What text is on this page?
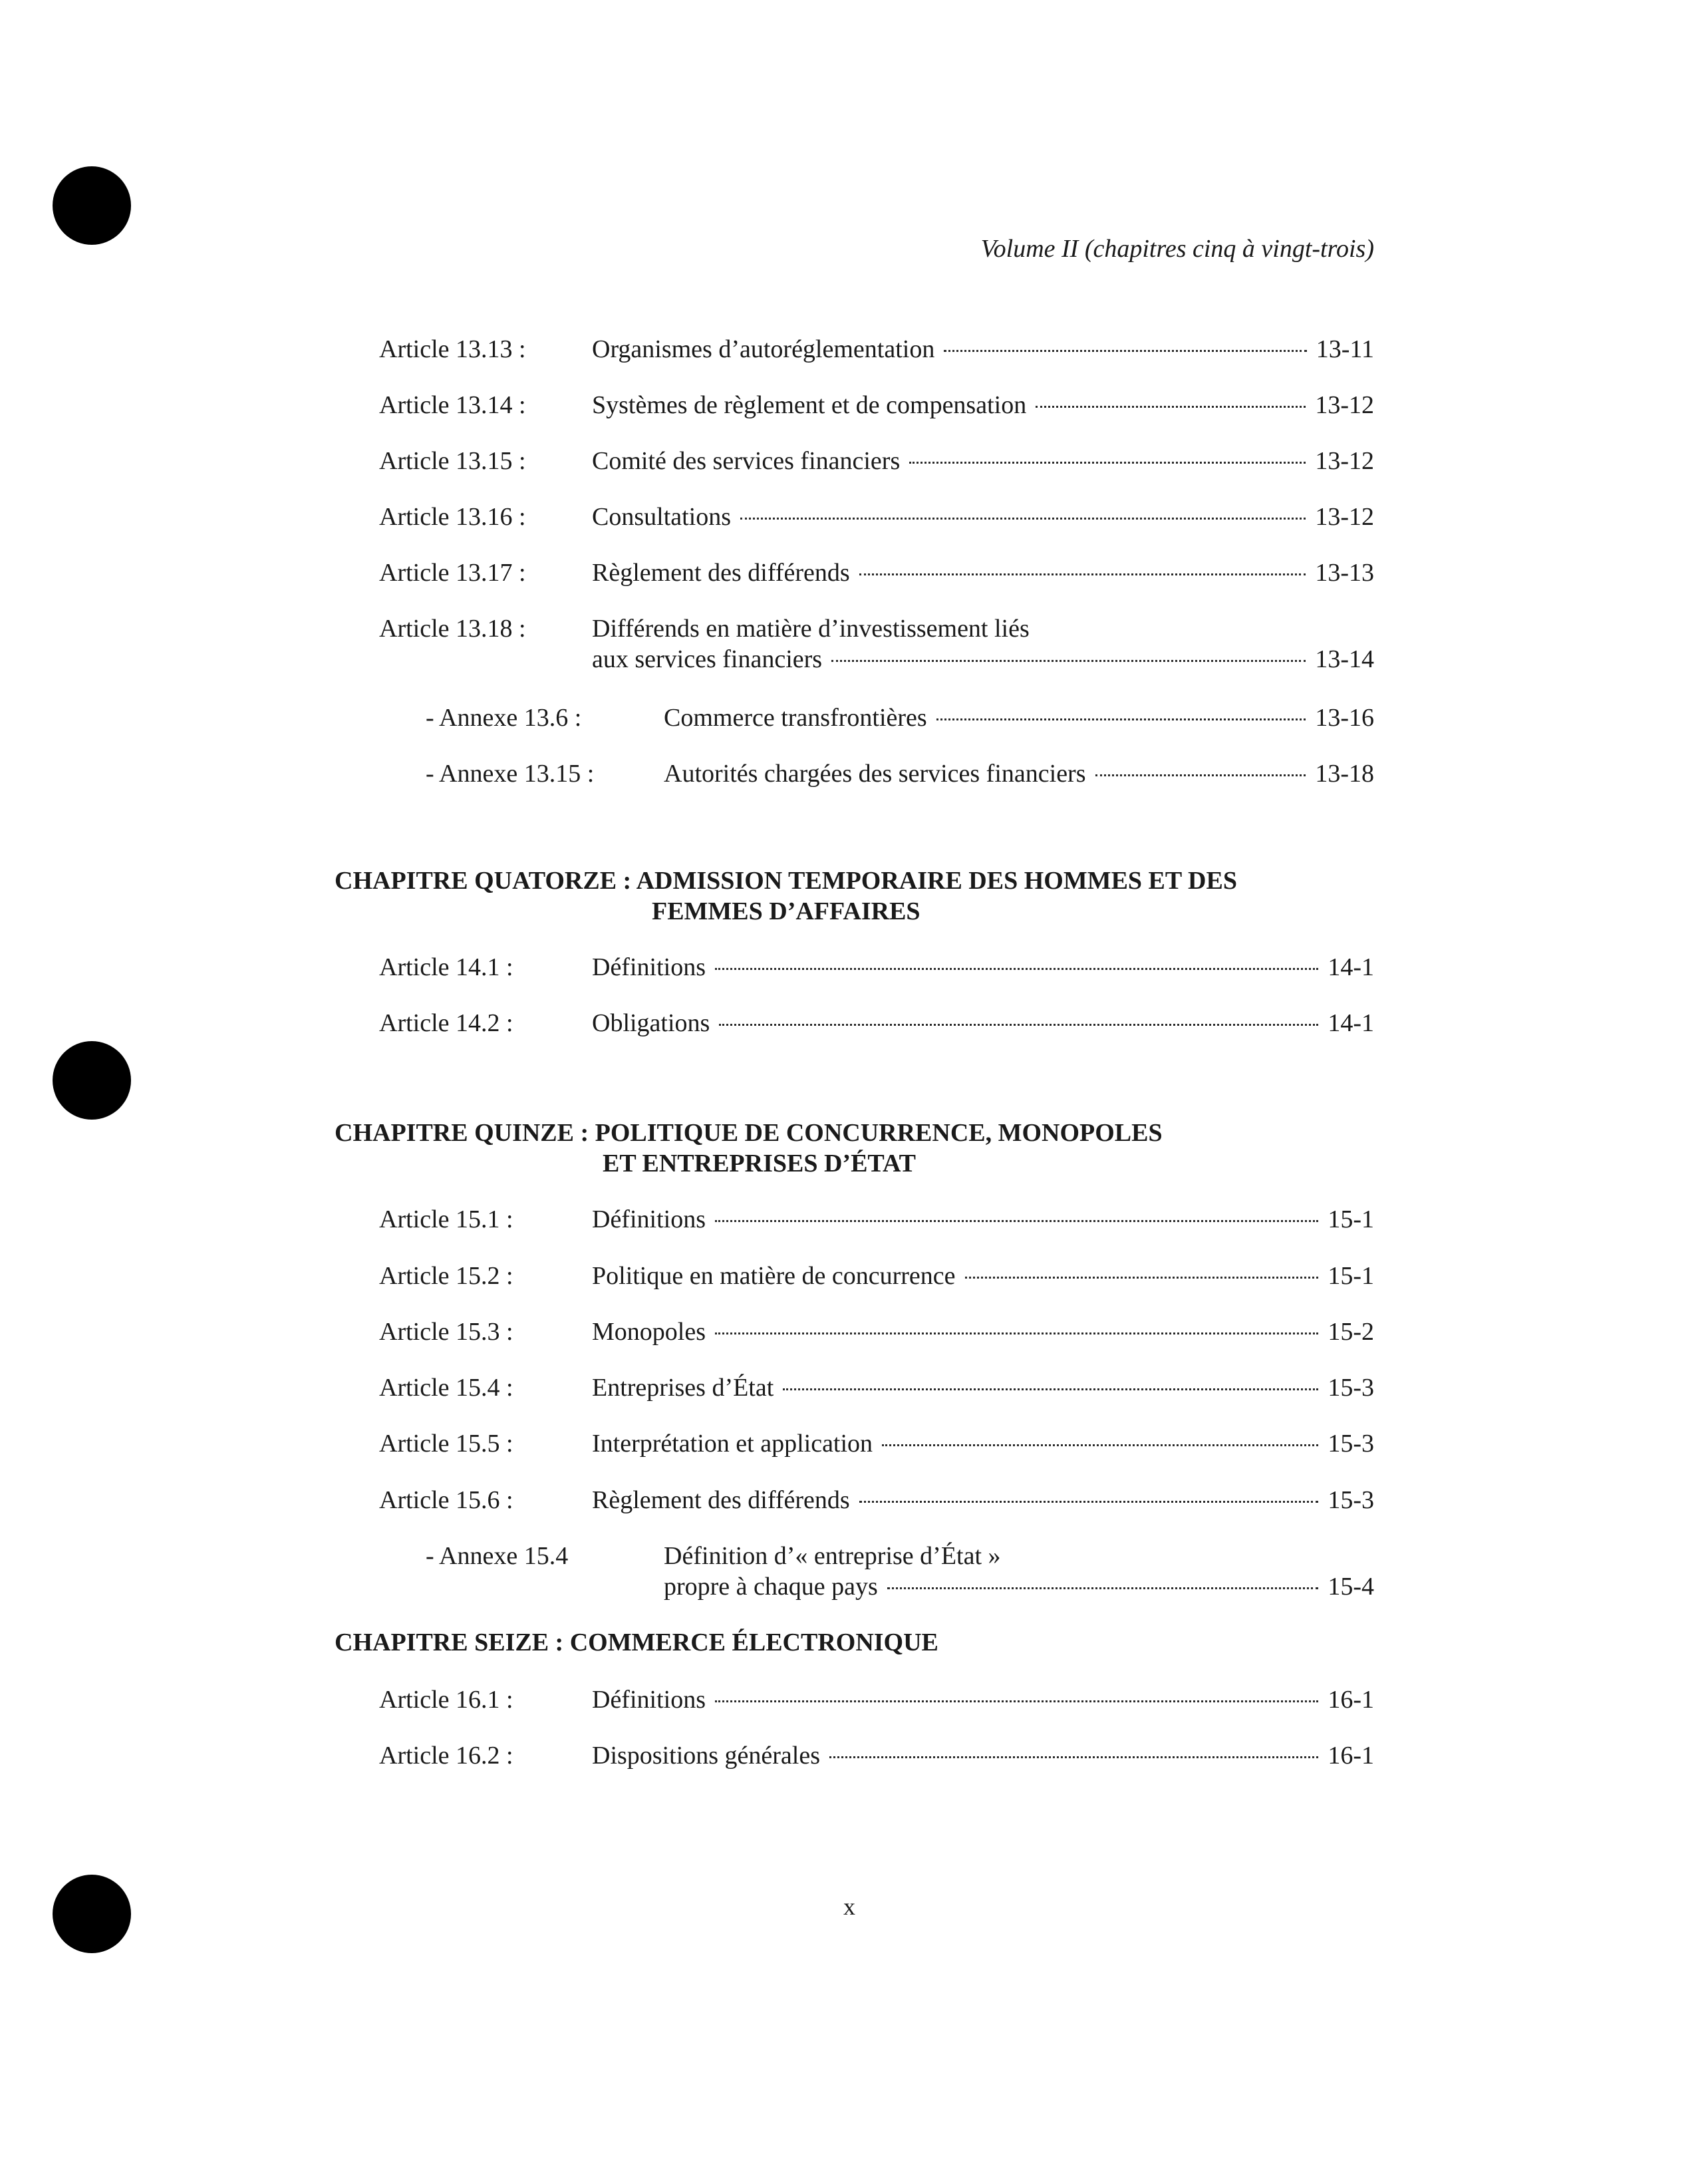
Volume II (chapitres cinq à vingt-trois)
Article 13.13 :	Organismes d’autoréglementation	13-11
Article 13.14 :	Systèmes de règlement et de compensation	13-12
Article 13.15 :	Comité des services financiers	13-12
Article 13.16 :	Consultations	13-12
Article 13.17 :	Règlement des différends	13-13
Article 13.18 :	Différends en matière d’investissement liés
aux services financiers	13-14
- Annexe 13.6 :	Commerce transfrontières	13-16
- Annexe 13.15 :	Autorités chargées des services financiers	13-18
CHAPITRE QUATORZE : ADMISSION TEMPORAIRE DES HOMMES ET DES
FEMMES D’AFFAIRES
Article 14.1 :	Définitions	14-1
Article 14.2 :	Obligations	14-1
CHAPITRE QUINZE : POLITIQUE DE CONCURRENCE, MONOPOLES
ET ENTREPRISES D’ÉTAT
Article 15.1 :	Définitions	15-1
Article 15.2 :	Politique en matière de concurrence	15-1
Article 15.3 :	Monopoles	15-2
Article 15.4 :	Entreprises d’État	15-3
Article 15.5 :	Interprétation et application	15-3
Article 15.6 :	Règlement des différends	15-3
- Annexe 15.4	Définition d’« entreprise d’État »
propre à chaque pays	15-4
CHAPITRE SEIZE : COMMERCE ÉLECTRONIQUE
Article 16.1 :	Définitions	16-1
Article 16.2 :	Dispositions générales	16-1
x
